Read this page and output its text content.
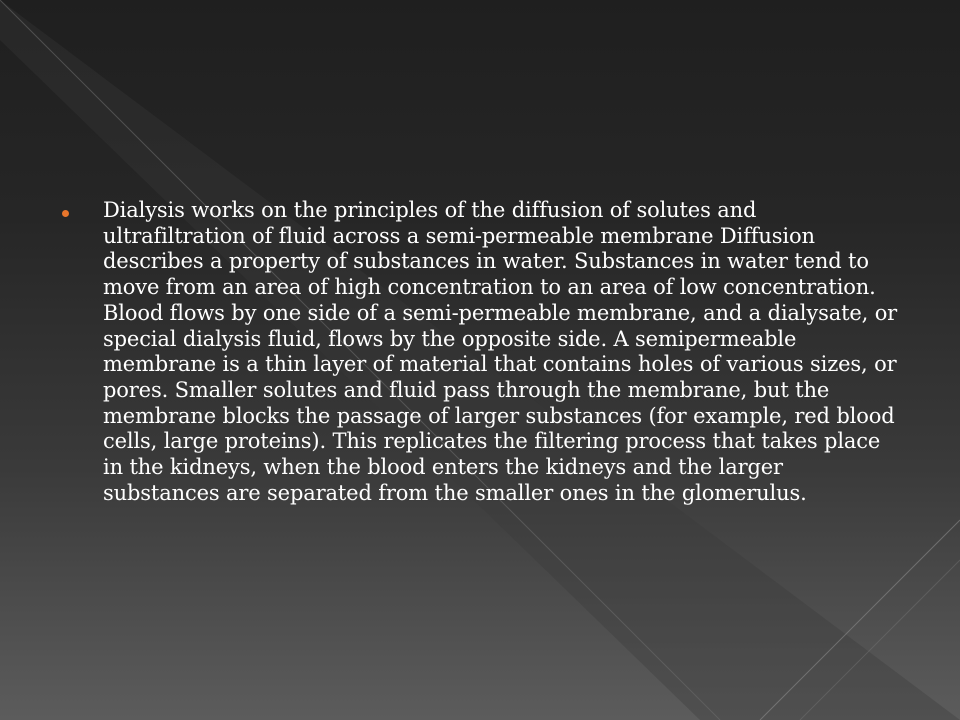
Dialysis works on the principles of the diffusion of solutes and ultrafiltration of fluid across a semi-permeable membrane Diffusion describes a property of substances in water. Substances in water tend to move from an area of high concentration to an area of low concentration. Blood flows by one side of a semi-permeable membrane, and a dialysate, or special dialysis fluid, flows by the opposite side. A semipermeable membrane is a thin layer of material that contains holes of various sizes, or pores. Smaller solutes and fluid pass through the membrane, but the membrane blocks the passage of larger substances (for example, red blood cells, large proteins). This replicates the filtering process that takes place in the kidneys, when the blood enters the kidneys and the larger substances are separated from the smaller ones in the glomerulus.
